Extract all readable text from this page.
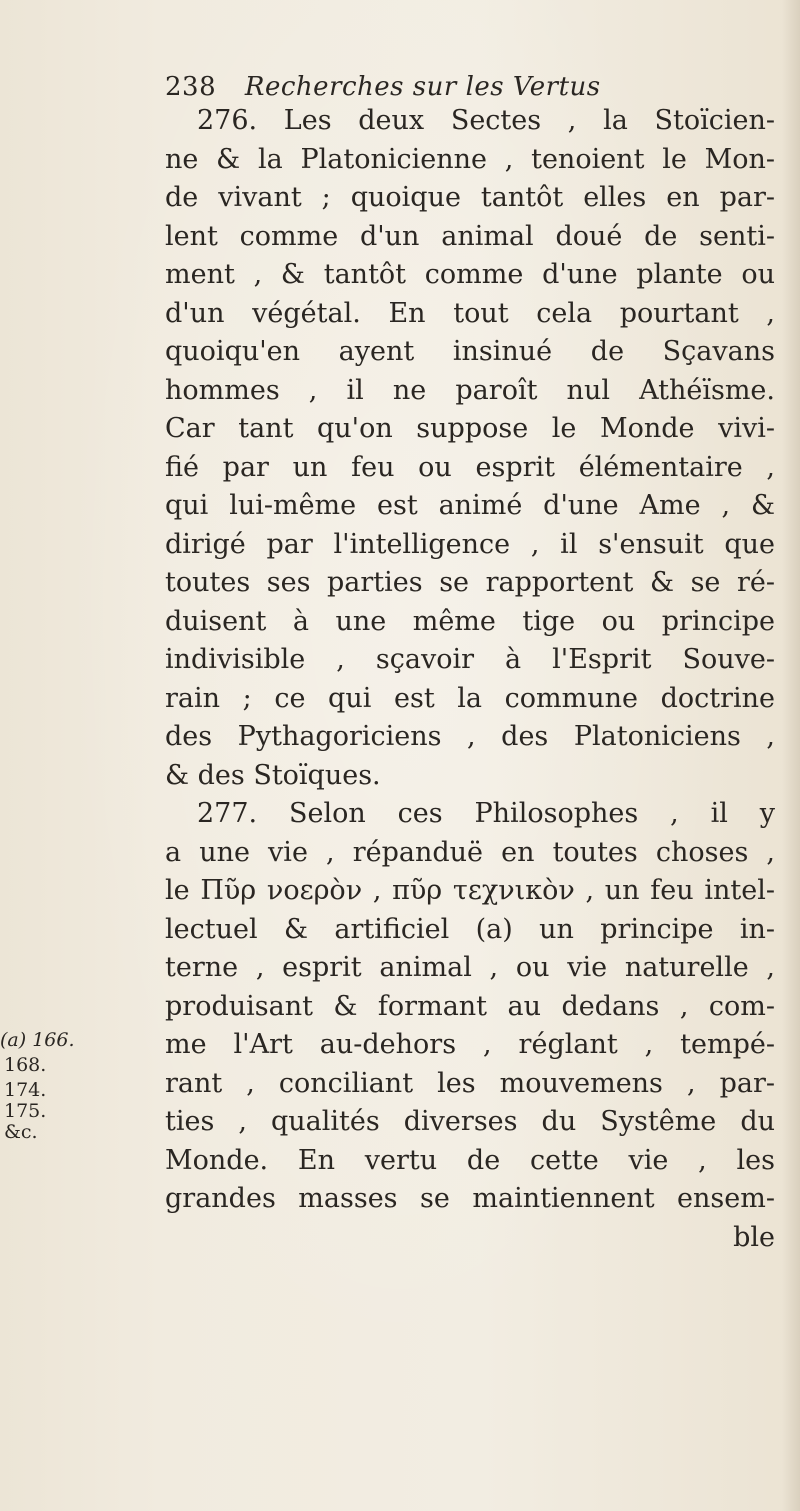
238 Recherches sur les Vertus
276. Les deux Sectes , la Stoïcien-
ne & la Platonicienne , tenoient le Mon-
de vivant ; quoique tantôt elles en par-
lent comme d'un animal doué de senti-
ment , & tantôt comme d'une plante ou
d'un végétal. En tout cela pourtant ,
quoiqu'en ayent insinué de Sçavans
hommes , il ne paroît nul Athéïsme.
Car tant qu'on suppose le Monde vivi-
fié par un feu ou esprit élémentaire ,
qui lui-même est animé d'une Ame , &
dirigé par l'intelligence , il s'ensuit que
toutes ses parties se rapportent & se ré-
duisent à une même tige ou principe
indivisible , sçavoir à l'Esprit Souve-
rain ; ce qui est la commune doctrine
des Pythagoriciens , des Platoniciens ,
& des Stoïques.
277. Selon ces Philosophes , il y
a une vie , répanduë en toutes choses ,
le Πῦρ νοερὸν , πῦρ τεχνικὸν , un feu intel-
lectuel & artificiel (a) un principe in-
terne , esprit animal , ou vie naturelle ,
produisant & formant au dedans , com-
me l'Art au-dehors , réglant , tempé-
rant , conciliant les mouvemens , par-
ties , qualités diverses du Systême du
Monde. En vertu de cette vie , les
grandes masses se maintiennent ensem-
ble
(a) 166.
168.
174.
175.
&c.
